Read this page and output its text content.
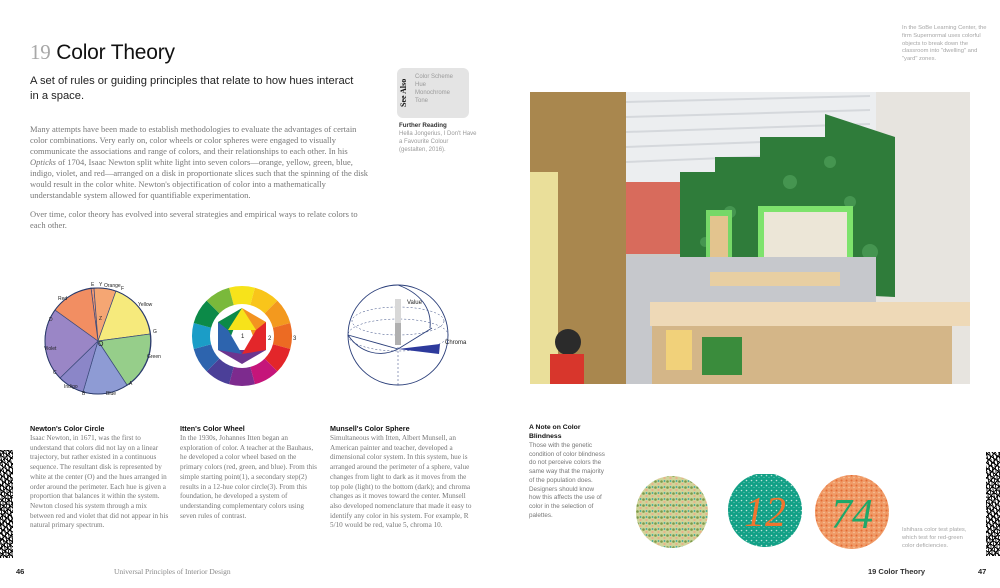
19 Color Theory
A set of rules or guiding principles that relate to how hues interact in a space.

Many attempts have been made to establish methodologies to evaluate the advantages of certain color combinations. Very early on, color wheels or color spheres were engaged to visually communicate the associations and range of colors, and their relationships to each other. In his Opticks of 1704, Isaac Newton split white light into seven colors—orange, yellow, green, blue, indigo, violet, and red—arranged on a disk in proportionate slices such that the spinning of the disk would result in the color white. Newton's objectification of color into a mathematically understandable system allowed for quantifiable experimentation.

Over time, color theory has evolved into several strategies and empirical ways to relate colors to each other.

See Also
Color Scheme
Hue
Monochrome
Tone
Further Reading
Hella Jongerius, I Don't Have a Favourite Colour (gestalten, 2016).
Red
E Y Orange F
Yellow
G
Green
A
Blue
B
Indigo
C
Violet
D	Z
O
1	2	3
Value
Chroma
Newton's Color Circle
Isaac Newton, in 1671, was the first to understand that colors did not lay on a linear trajectory, but rather existed in a continuous sequence. The resultant disk is represented by white at the center (O) and the hues arranged in order around the perimeter. Each hue is given a proportion that balances it within the system. Newton closed his system through a mix between red and violet that did not appear in his natural primary spectrum.
Itten's Color Wheel
In the 1930s, Johannes Itten began an exploration of color. A teacher at the Bauhaus, he developed a color wheel based on the primary colors (red, green, and blue). From this simple starting point(1), a secondary step(2) results in a 12-hue color circle(3). From this foundation, he developed a system of understanding complementary colors using seven rules of contrast.
Munsell's Color Sphere
Simultaneous with Itten, Albert Munsell, an American painter and teacher, developed a dimensional color system. In this system, hue is arranged around the perimeter of a sphere, value changes from light to dark as it moves from the top pole (light) to the bottom (dark); and chroma changes as it moves toward the center. Munsell also developed nomenclature that made it easy to identify any color in his system. For example, R 5/10 would be red, value 5, chroma 10.
In the SoBe Learning Center, the firm Supernormal uses colorful objects to break down the classroom into "dwelling" and "yard" zones.
A Note on Color Blindness
Those with the genetic condition of color blindness do not perceive colors the same way that the majority of the population does. Designers should know how this affects the use of color in the selection of palettes.	12 74	Ishihara color test plates, which test for red-green color deficiencies.
46	Universal Principles of Interior Design	19 Color Theory	47
